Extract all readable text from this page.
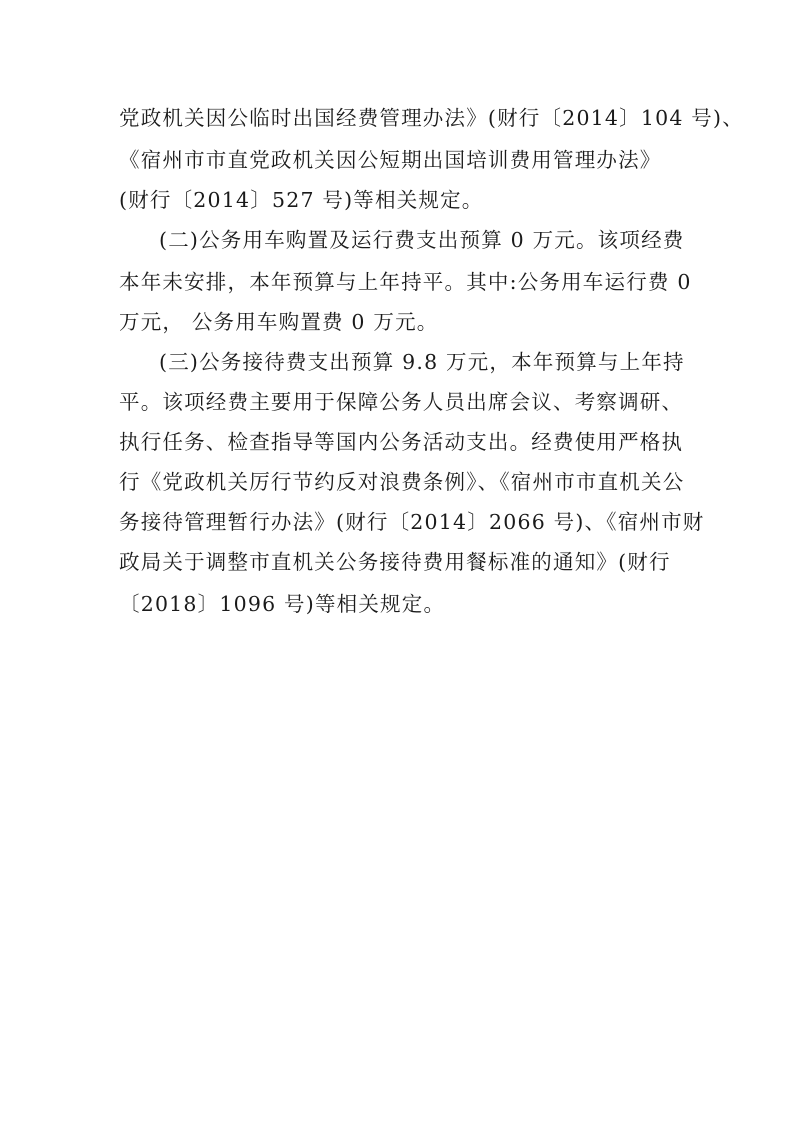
党政机关因公临时出国经费管理办法》(财行〔2014〕104 号)、
《宿州市市直党政机关因公短期出国培训费用管理办法》
(财行〔2014〕527 号)等相关规定。
(二)公务用车购置及运行费支出预算 0 万元。该项经费
本年未安排，本年预算与上年持平。其中:公务用车运行费 0
万元， 公务用车购置费 0 万元。
(三)公务接待费支出预算 9.8 万元，本年预算与上年持
平。该项经费主要用于保障公务人员出席会议、考察调研、
执行任务、检查指导等国内公务活动支出。经费使用严格执
行《党政机关厉行节约反对浪费条例》、《宿州市市直机关公
务接待管理暂行办法》(财行〔2014〕2066 号)、《宿州市财
政局关于调整市直机关公务接待费用餐标准的通知》(财行
〔2018〕1096 号)等相关规定。
